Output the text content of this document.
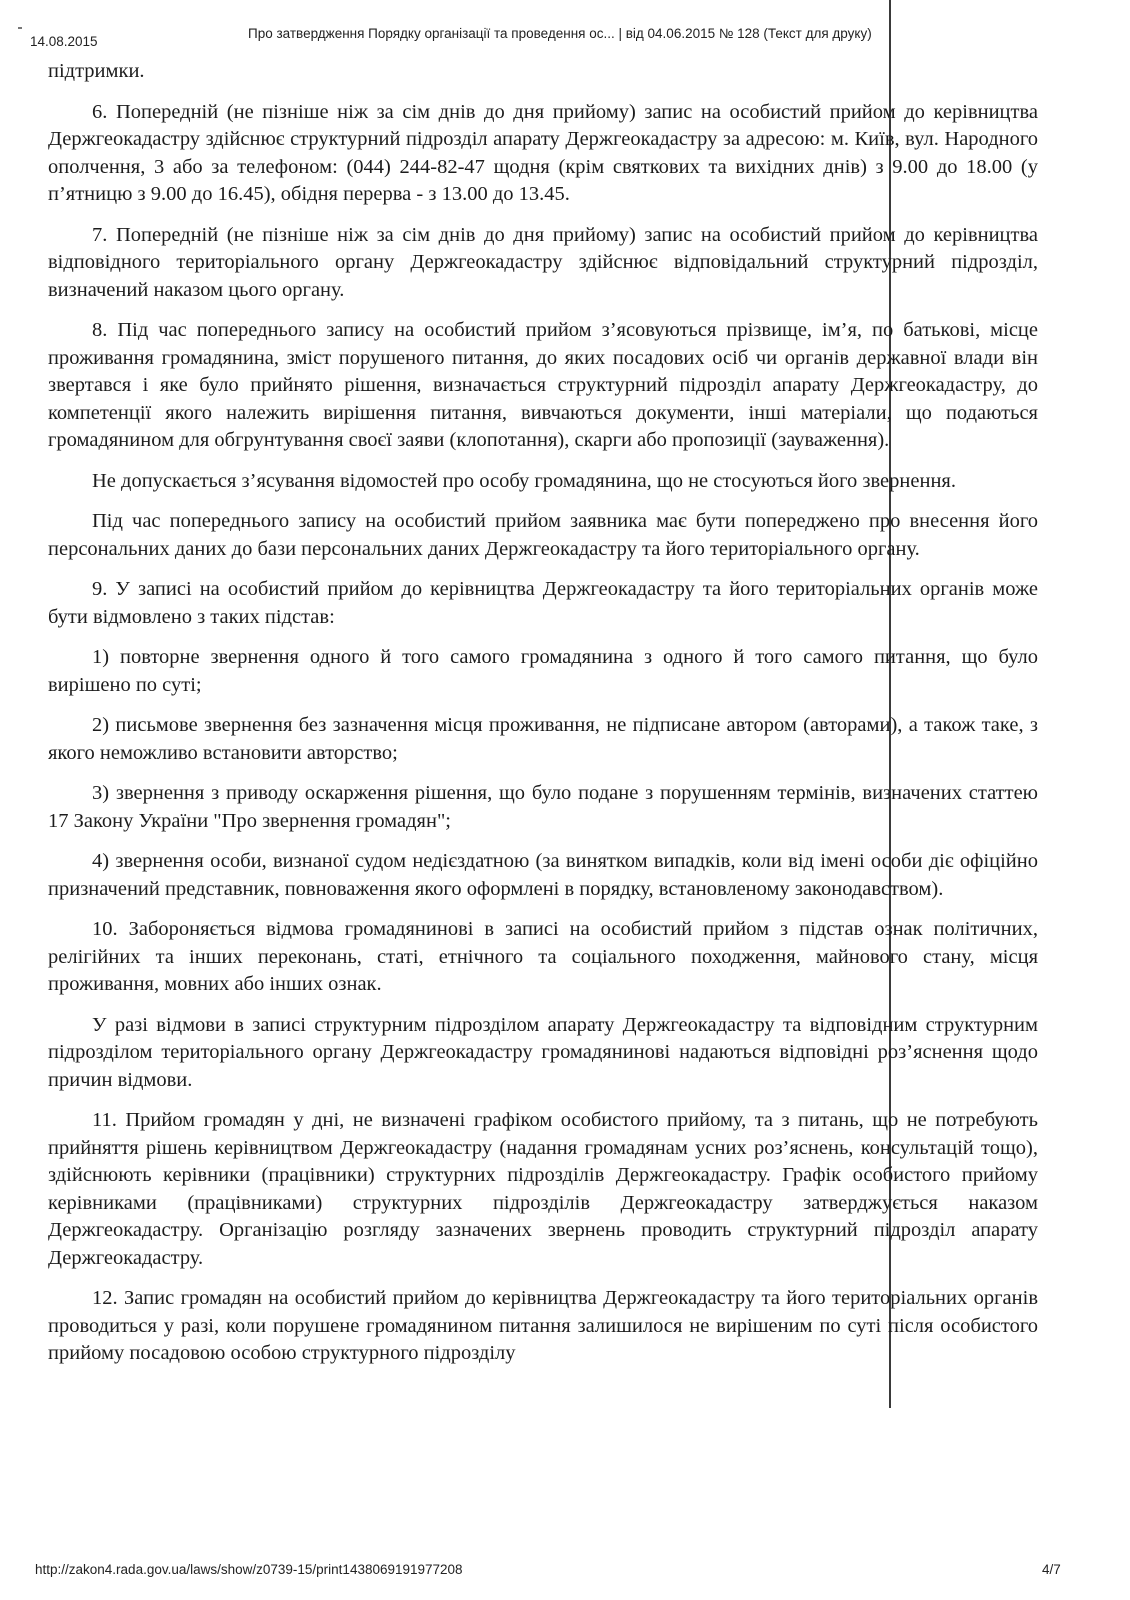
14.08.2015
Про затвердження Порядку організації та проведення ос... | від 04.06.2015 № 128 (Текст для друку)

підтримки.

6. Попередній (не пізніше ніж за сім днів до дня прийому) запис на особистий прийом до керівництва Держгеокадастру здійснює структурний підрозділ апарату Держгеокадастру за адресою: м. Київ, вул. Народного ополчення, 3 або за телефоном: (044) 244-82-47 щодня (крім святкових та вихідних днів) з 9.00 до 18.00 (у п’ятницю з 9.00 до 16.45), обідня перерва - з 13.00 до 13.45.

7. Попередній (не пізніше ніж за сім днів до дня прийому) запис на особистий прийом до керівництва відповідного територіального органу Держгеокадастру здійснює відповідальний структурний підрозділ, визначений наказом цього органу.

8. Під час попереднього запису на особистий прийом з’ясовуються прізвище, ім’я, по батькові, місце проживання громадянина, зміст порушеного питання, до яких посадових осіб чи органів державної влади він звертався і яке було прийнято рішення, визначається структурний підрозділ апарату Держгеокадастру, до компетенції якого належить вирішення питання, вивчаються документи, інші матеріали, що подаються громадянином для обгрунтування своєї заяви (клопотання), скарги або пропозиції (зауваження).

Не допускається з’ясування відомостей про особу громадянина, що не стосуються його звернення.

Під час попереднього запису на особистий прийом заявника має бути попереджено про внесення його персональних даних до бази персональних даних Держгеокадастру та його територіального органу.

9. У записі на особистий прийом до керівництва Держгеокадастру та його територіальних органів може бути відмовлено з таких підстав:

1) повторне звернення одного й того самого громадянина з одного й того самого питання, що було вирішено по суті;

2) письмове звернення без зазначення місця проживання, не підписане автором (авторами), а також таке, з якого неможливо встановити авторство;

3) звернення з приводу оскарження рішення, що було подане з порушенням термінів, визначених статтею 17 Закону України "Про звернення громадян";

4) звернення особи, визнаної судом недієздатною (за винятком випадків, коли від імені особи діє офіційно призначений представник, повноваження якого оформлені в порядку, встановленому законодавством).

10. Забороняється відмова громадянинові в записі на особистий прийом з підстав ознак політичних, релігійних та інших переконань, статі, етнічного та соціального походження, майнового стану, місця проживання, мовних або інших ознак.

У разі відмови в записі структурним підрозділом апарату Держгеокадастру та відповідним структурним підрозділом територіального органу Держгеокадастру громадянинові надаються відповідні роз’яснення щодо причин відмови.

11. Прийом громадян у дні, не визначені графіком особистого прийому, та з питань, що не потребують прийняття рішень керівництвом Держгеокадастру (надання громадянам усних роз’яснень, консультацій тощо), здійснюють керівники (працівники) структурних підрозділів Держгеокадастру. Графік особистого прийому керівниками (працівниками) структурних підрозділів Держгеокадастру затверджується наказом Держгеокадастру. Організацію розгляду зазначених звернень проводить структурний підрозділ апарату Держгеокадастру.

12. Запис громадян на особистий прийом до керівництва Держгеокадастру та його територіальних органів проводиться у разі, коли порушене громадянином питання залишилося не вирішеним по суті після особистого прийому посадовою особою структурного підрозділу

http://zakon4.rada.gov.ua/laws/show/z0739-15/print1438069191977208	4/7
